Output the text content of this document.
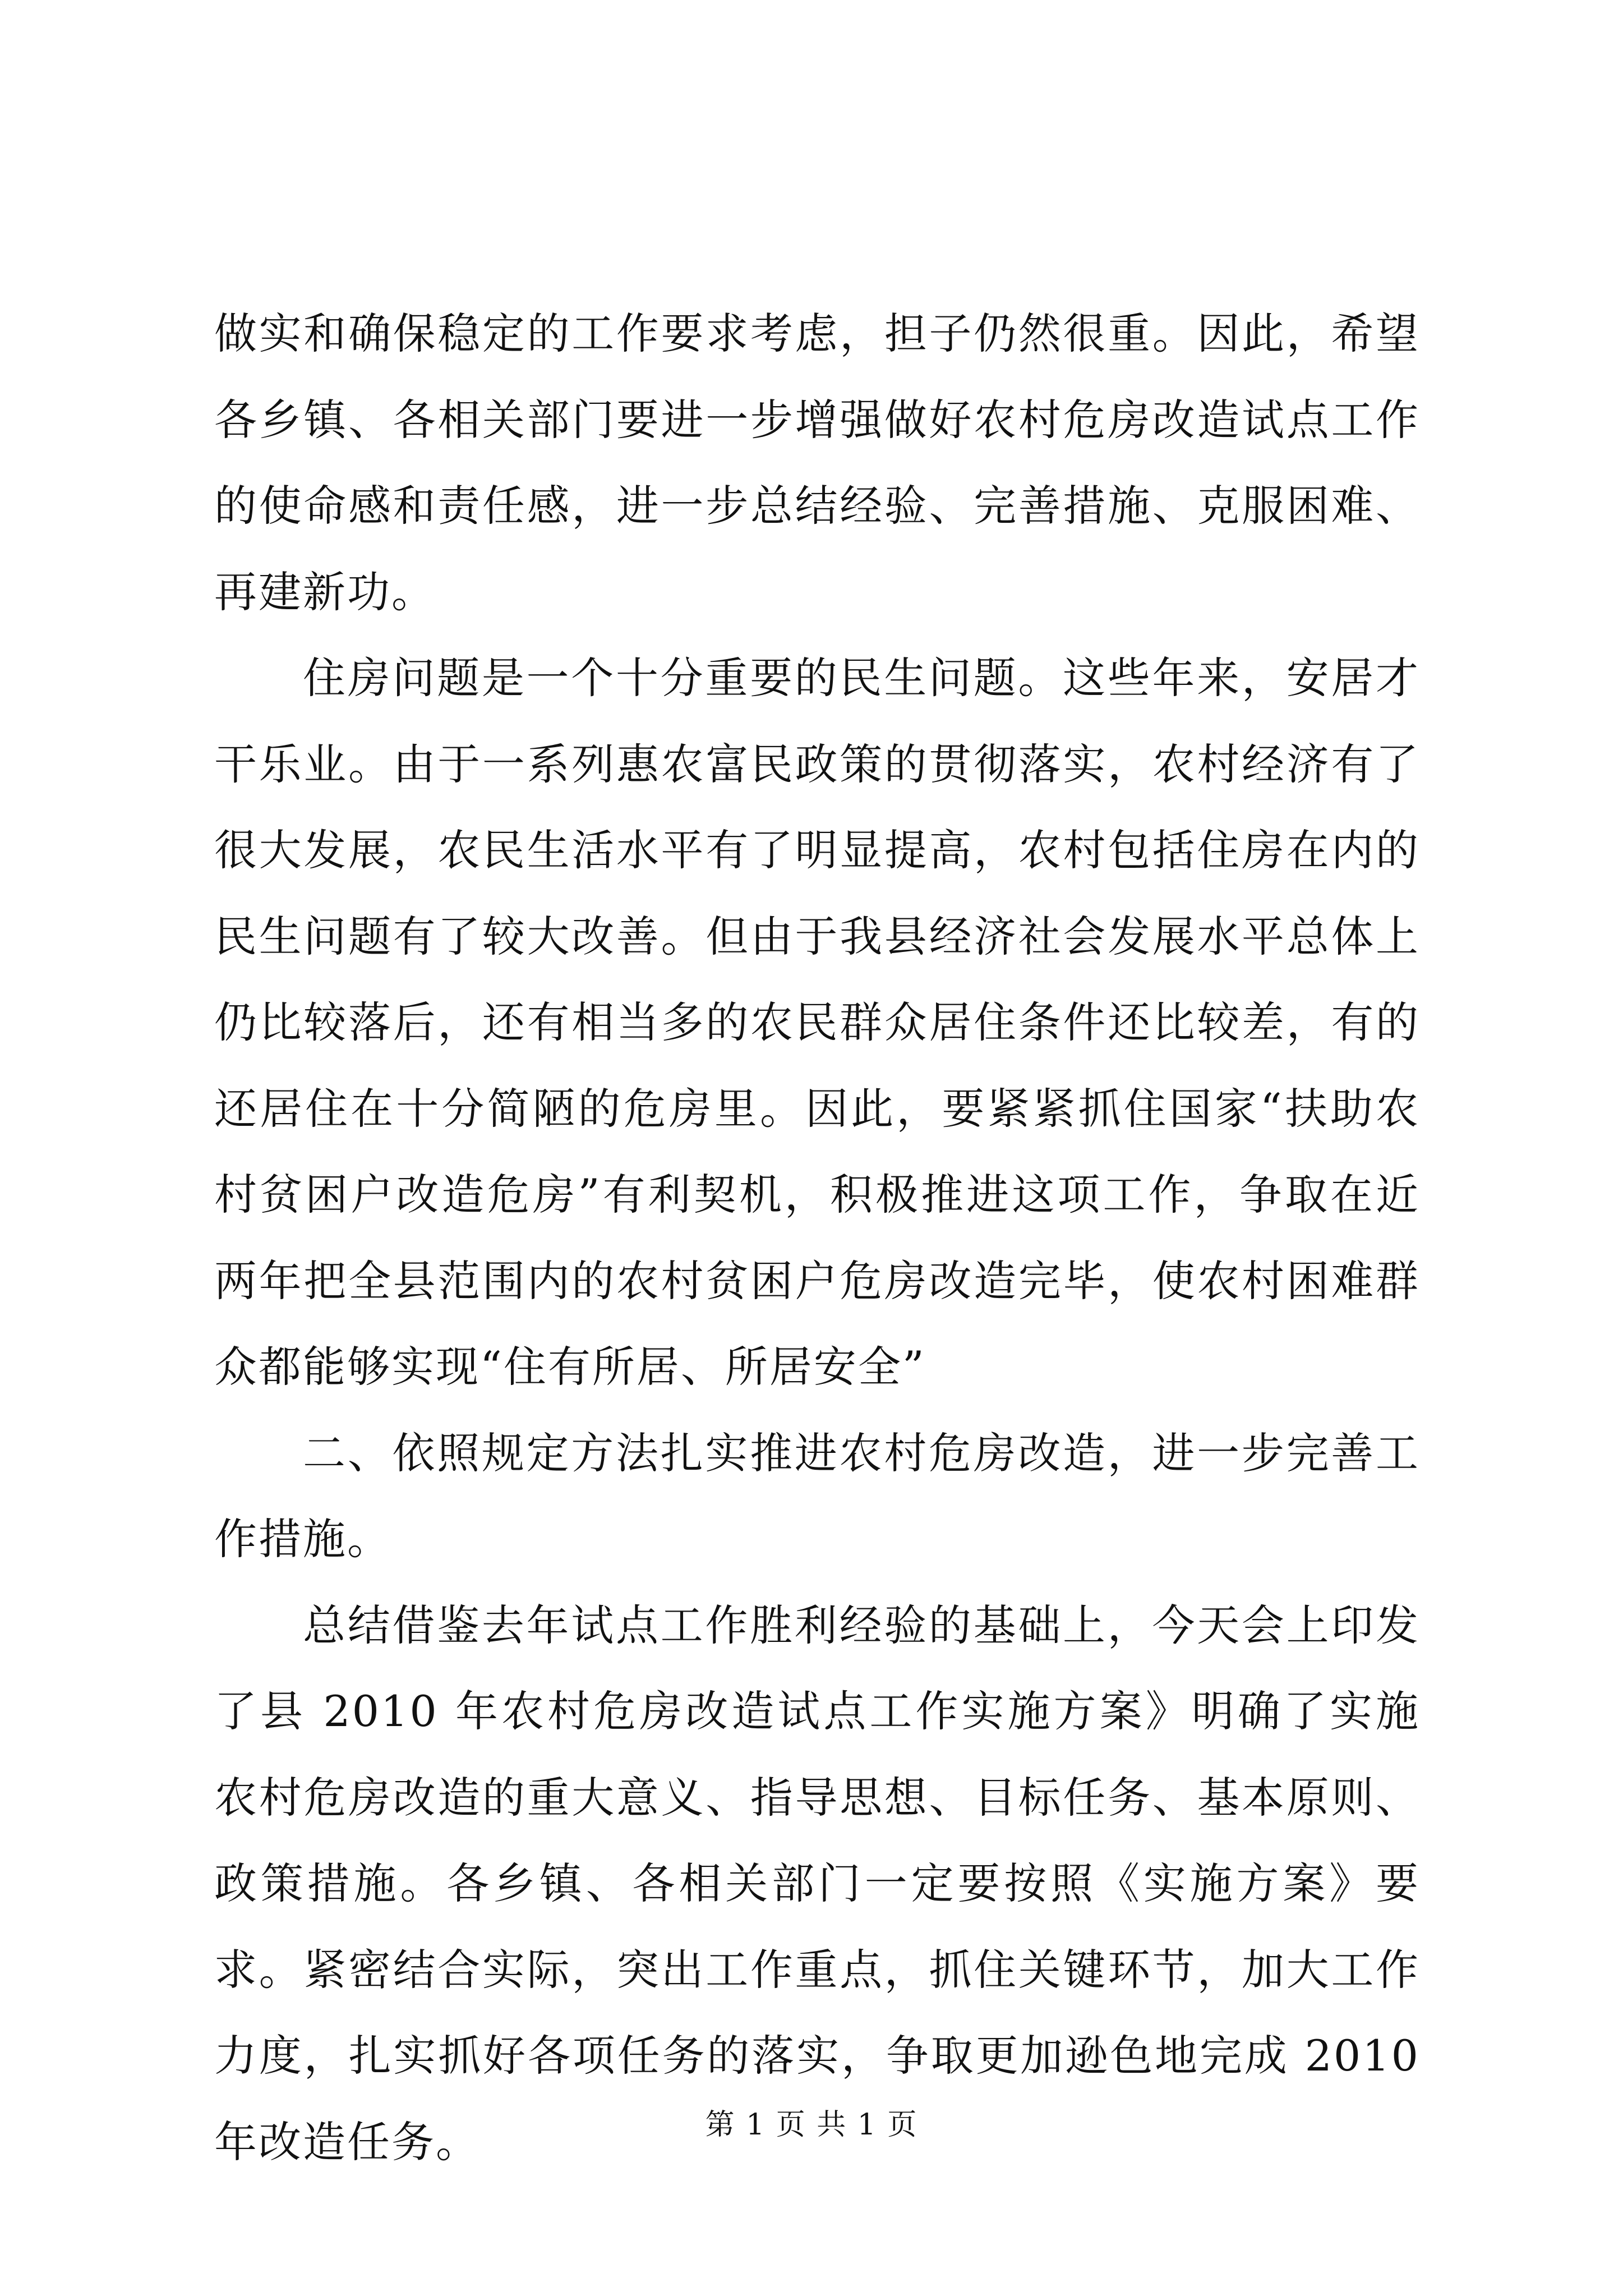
做实和确保稳定的工作要求考虑，担子仍然很重。因此，希望各乡镇、各相关部门要进一步增强做好农村危房改造试点工作的使命感和责任感，进一步总结经验、完善措施、克服困难、再建新功。

住房问题是一个十分重要的民生问题。这些年来，安居才干乐业。由于一系列惠农富民政策的贯彻落实，农村经济有了很大发展，农民生活水平有了明显提高，农村包括住房在内的民生问题有了较大改善。但由于我县经济社会发展水平总体上仍比较落后，还有相当多的农民群众居住条件还比较差，有的还居住在十分简陋的危房里。因此，要紧紧抓住国家“扶助农村贫困户改造危房”有利契机，积极推进这项工作，争取在近两年把全县范围内的农村贫困户危房改造完毕，使农村困难群众都能够实现“住有所居、所居安全”

二、依照规定方法扎实推进农村危房改造，进一步完善工作措施。

总结借鉴去年试点工作胜利经验的基础上，今天会上印发了县 2010 年农村危房改造试点工作实施方案》明确了实施农村危房改造的重大意义、指导思想、目标任务、基本原则、政策措施。各乡镇、各相关部门一定要按照《实施方案》要求。紧密结合实际，突出工作重点，抓住关键环节，加大工作力度，扎实抓好各项任务的落实，争取更加逊色地完成 2010 年改造任务。	第 1 页 共 1 页
